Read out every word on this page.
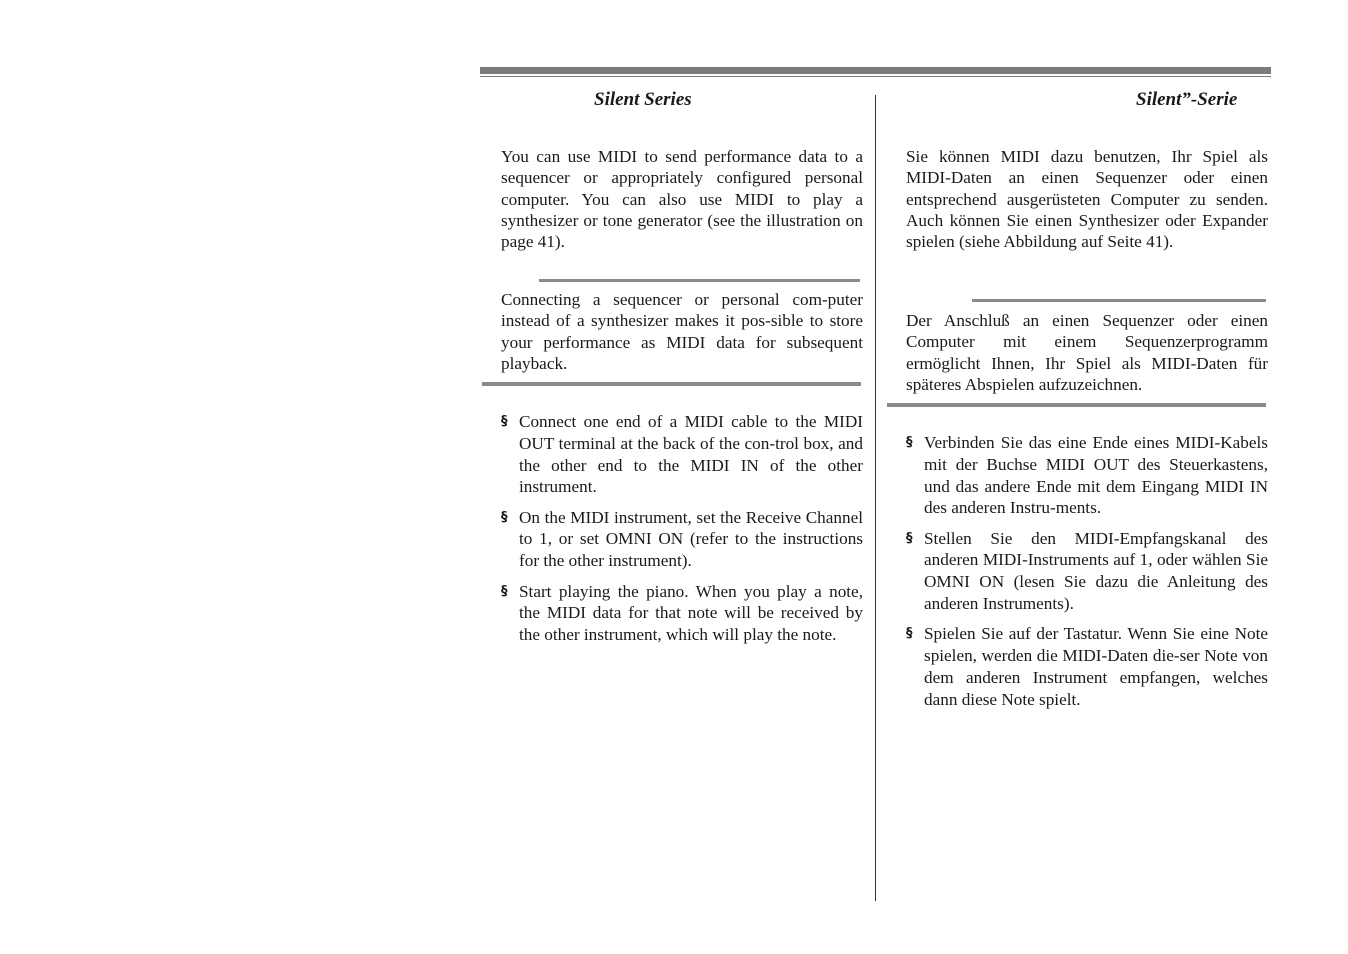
Silent Series	Silent”-Serie

You can use MIDI to send performance data to a sequencer or appropriately configured personal computer. You can also use MIDI to play a synthesizer or tone generator (see the illustration on page 41).

Connecting a sequencer or personal com-puter instead of a synthesizer makes it pos-sible to store your performance as MIDI data for subsequent playback.

§ Connect one end of a MIDI cable to the MIDI OUT terminal at the back of the con-trol box, and the other end to the MIDI IN of the other instrument.
§ On the MIDI instrument, set the Receive Channel to 1, or set OMNI ON (refer to the instructions for the other instrument).
§ Start playing the piano. When you play a note, the MIDI data for that note will be received by the other instrument, which will play the note.

Sie können MIDI dazu benutzen, Ihr Spiel als MIDI-Daten an einen Sequenzer oder einen entsprechend ausgerüsteten Computer zu senden. Auch können Sie einen Synthesizer oder Expander spielen (siehe Abbildung auf Seite 41).

Der Anschluß an einen Sequenzer oder einen Computer mit einem Sequenzerprogramm ermöglicht Ihnen, Ihr Spiel als MIDI-Daten für späteres Abspielen aufzuzeichnen.

§ Verbinden Sie das eine Ende eines MIDI-Kabels mit der Buchse MIDI OUT des Steuerkastens, und das andere Ende mit dem Eingang MIDI IN des anderen Instru-ments.
§ Stellen Sie den MIDI-Empfangskanal des anderen MIDI-Instruments auf 1, oder wählen Sie OMNI ON (lesen Sie dazu die Anleitung des anderen Instruments).
§ Spielen Sie auf der Tastatur. Wenn Sie eine Note spielen, werden die MIDI-Daten die-ser Note von dem anderen Instrument empfangen, welches dann diese Note spielt.
